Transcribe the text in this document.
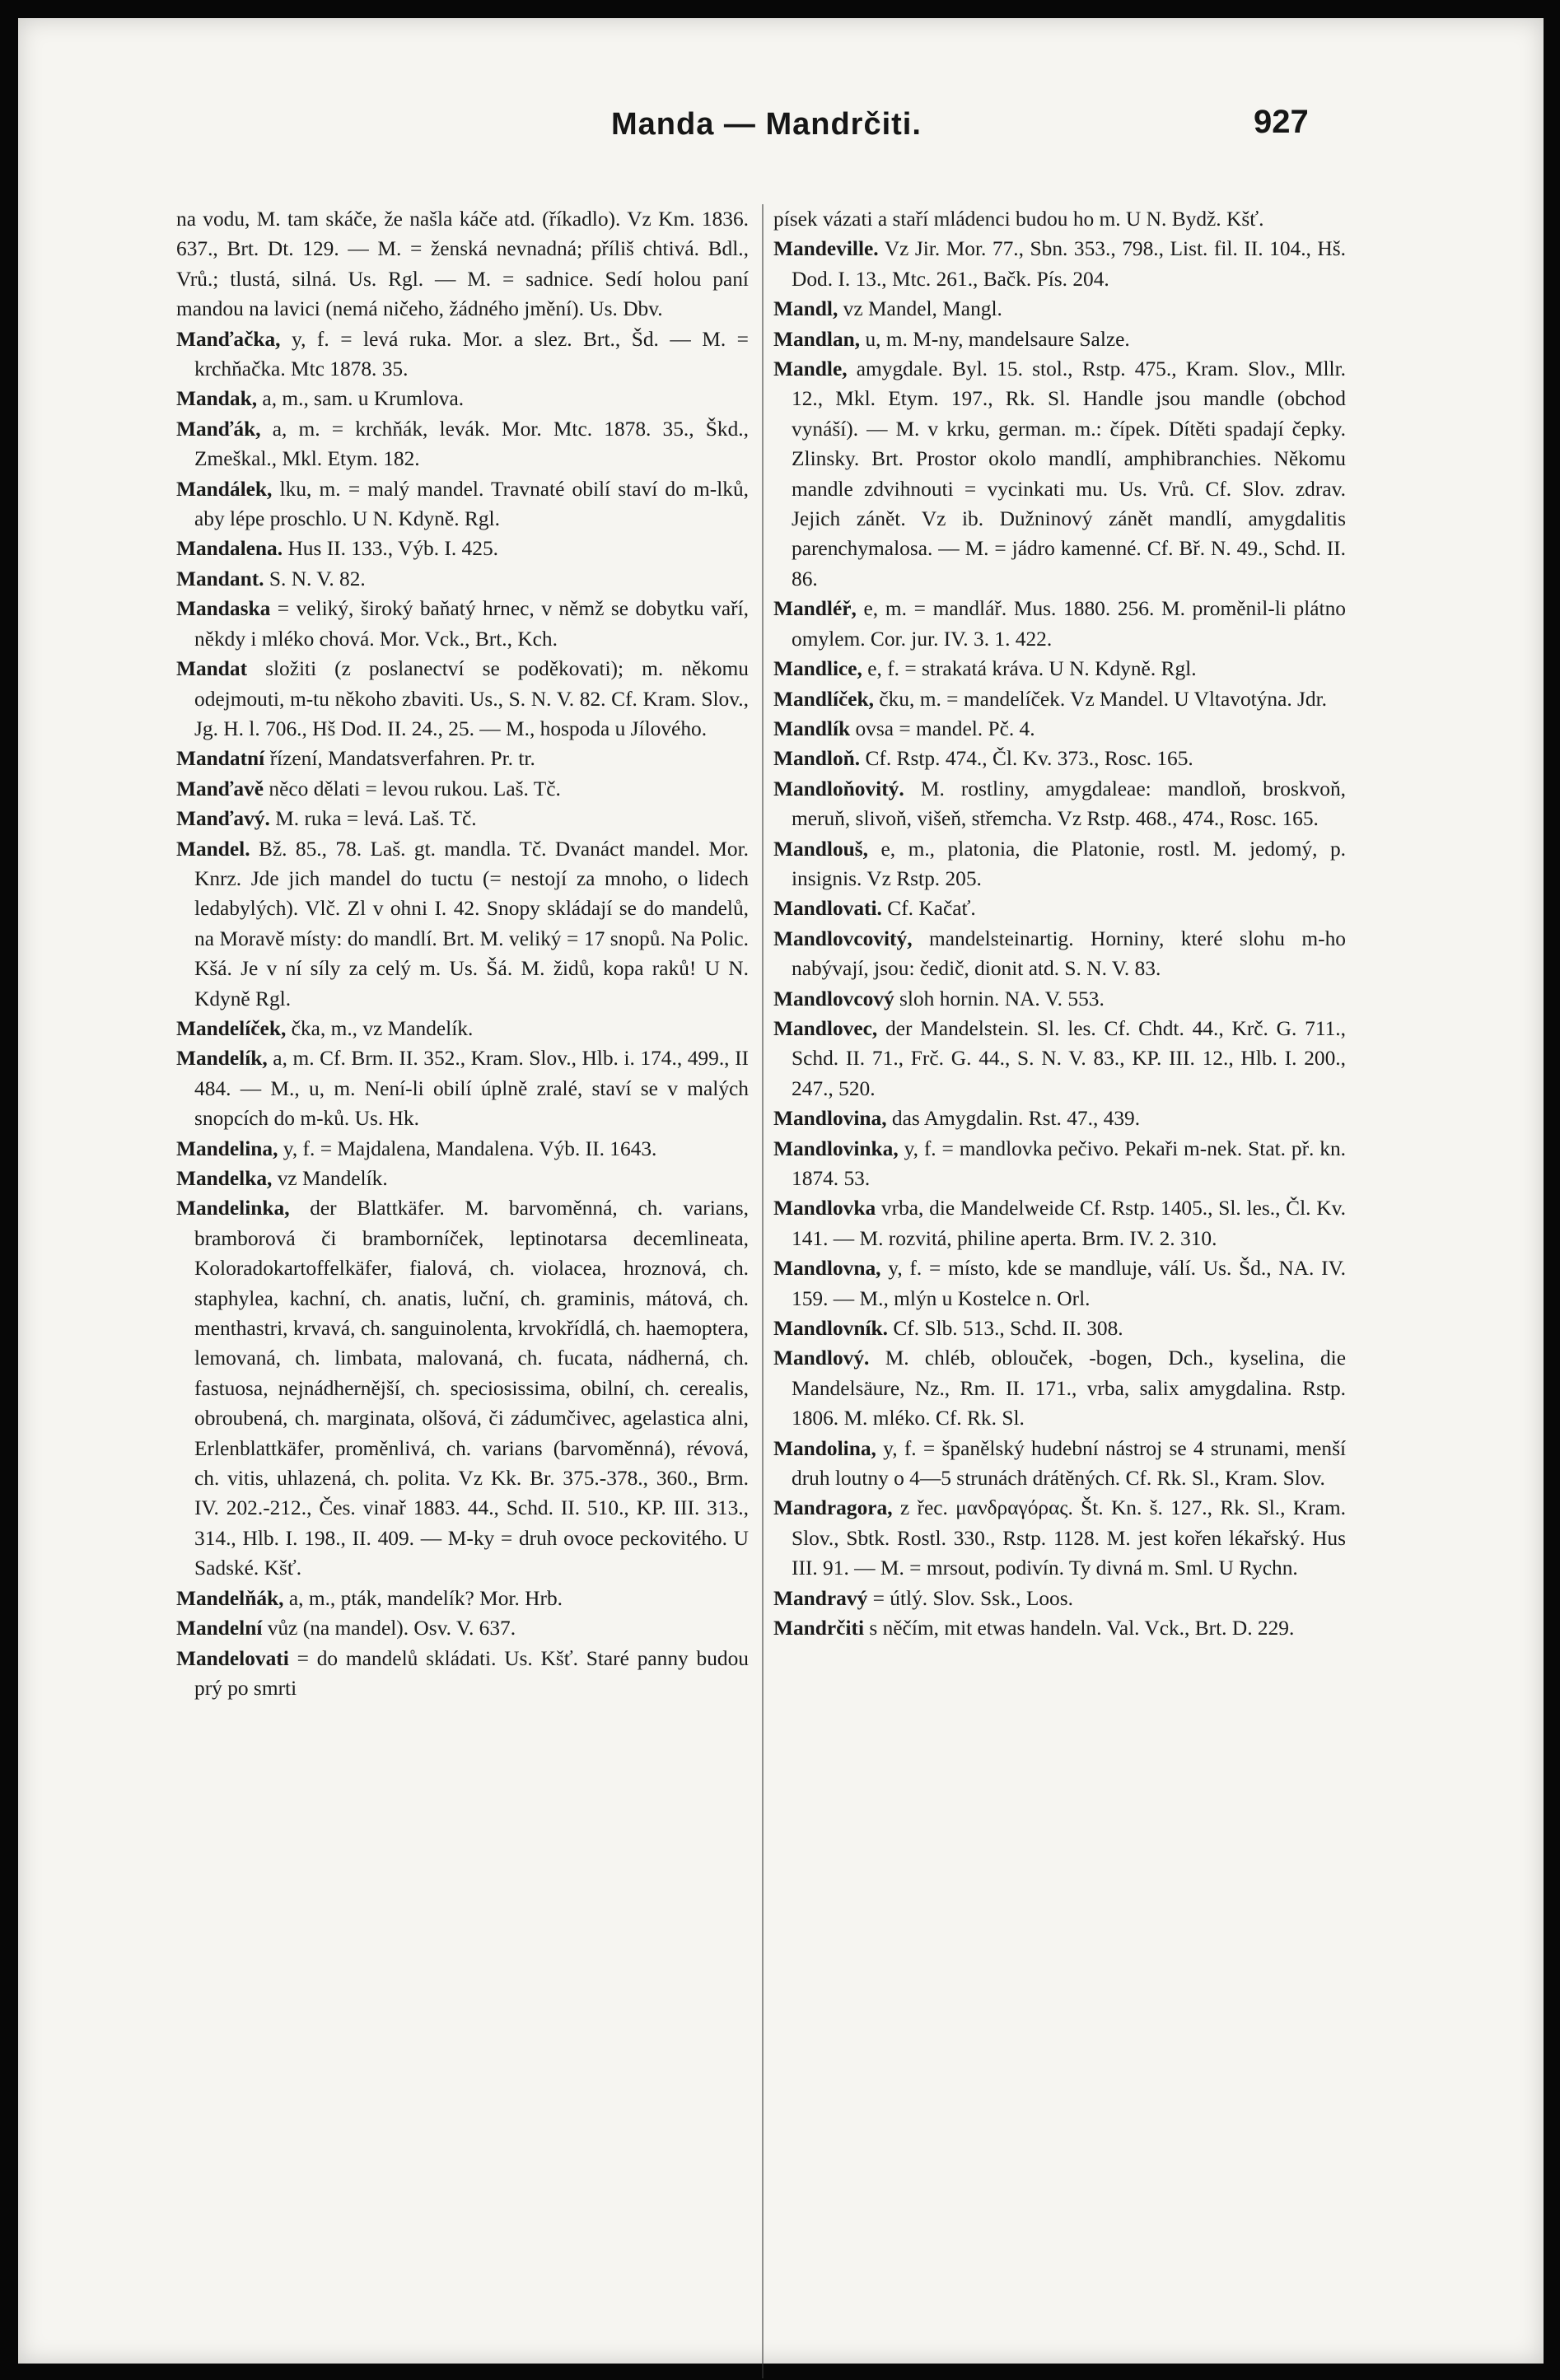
Manda — Mandrčiti.	927

na vodu, M. tam skáče, že našla káče atd. (říkadlo). Vz Km. 1836. 637., Brt. Dt. 129. — M. = ženská nevnadná; příliš chtivá. Bdl., Vrů.; tlustá, silná. Us. Rgl. — M. = sadnice. Sedí holou paní mandou na lavici (nemá ničeho, žádného jmění). Us. Dbv.

Manďačka, y, f. = levá ruka. Mor. a slez. Brt., Šd. — M. = krchňačka. Mtc 1878. 35.

Mandak, a, m., sam. u Krumlova.

Manďák, a, m. = krchňák, levák. Mor. Mtc. 1878. 35., Škd., Zmeškal., Mkl. Etym. 182.

Mandálek, lku, m. = malý mandel. Travnaté obilí staví do m-lků, aby lépe proschlo. U N. Kdyně. Rgl.

Mandalena. Hus II. 133., Výb. I. 425.

Mandant. S. N. V. 82.

Mandaska = veliký, široký baňatý hrnec, v němž se dobytku vaří, někdy i mléko chová. Mor. Vck., Brt., Kch.

Mandat složiti (z poslanectví se poděkovati); m. někomu odejmouti, m-tu někoho zbaviti. Us., S. N. V. 82. Cf. Kram. Slov., Jg. H. l. 706., Hš Dod. II. 24., 25. — M., hospoda u Jílového.

Mandatní řízení, Mandatsverfahren. Pr. tr.

Manďavě něco dělati = levou rukou. Laš. Tč.

Manďavý. M. ruka = levá. Laš. Tč.

Mandel. Bž. 85., 78. Laš. gt. mandla. Tč. Dvanáct mandel. Mor. Knrz. Jde jich mandel do tuctu (= nestojí za mnoho, o lidech ledabylých). Vlč. Zl v ohni I. 42. Snopy skládají se do mandelů, na Moravě místy: do mandlí. Brt. M. veliký = 17 snopů. Na Polic. Kšá. Je v ní síly za celý m. Us. Šá. M. židů, kopa raků! U N. Kdyně Rgl.

Mandelíček, čka, m., vz Mandelík.

Mandelík, a, m. Cf. Brm. II. 352., Kram. Slov., Hlb. i. 174., 499., II 484. — M., u, m. Není-li obilí úplně zralé, staví se v malých snopcích do m-ků. Us. Hk.

Mandelina, y, f. = Majdalena, Mandalena. Výb. II. 1643.

Mandelka, vz Mandelík.

Mandelinka, der Blattkäfer. M. barvoměnná, ch. varians, bramborová či bramborníček, leptinotarsa decemlineata, Koloradokartoffelkäfer, fialová, ch. violacea, hroznová, ch. staphylea, kachní, ch. anatis, luční, ch. graminis, mátová, ch. menthastri, krvavá, ch. sanguinolenta, krvokřídlá, ch. haemoptera, lemovaná, ch. limbata, malovaná, ch. fucata, nádherná, ch. fastuosa, nejnádhernější, ch. speciosissima, obilní, ch. cerealis, obroubená, ch. marginata, olšová, či zádumčivec, agelastica alni, Erlenblattkäfer, proměnlivá, ch. varians (barvoměnná), révová, ch. vitis, uhlazená, ch. polita. Vz Kk. Br. 375.-378., 360., Brm. IV. 202.-212., Čes. vinař 1883. 44., Schd. II. 510., KP. III. 313., 314., Hlb. I. 198., II. 409. — M-ky = druh ovoce peckovitého. U Sadské. Kšť.

Mandelňák, a, m., pták, mandelík? Mor. Hrb.

Mandelní vůz (na mandel). Osv. V. 637.

Mandelovati = do mandelů skládati. Us. Kšť. Staré panny budou prý po smrti

písek vázati a staří mládenci budou ho m. U N. Bydž. Kšť.

Mandeville. Vz Jir. Mor. 77., Sbn. 353., 798., List. fil. II. 104., Hš. Dod. I. 13., Mtc. 261., Bačk. Pís. 204.

Mandl, vz Mandel, Mangl.

Mandlan, u, m. M-ny, mandelsaure Salze.

Mandle, amygdale. Byl. 15. stol., Rstp. 475., Kram. Slov., Mllr. 12., Mkl. Etym. 197., Rk. Sl. Handle jsou mandle (obchod vynáší). — M. v krku, german. m.: čípek. Dítěti spadají čepky. Zlinsky. Brt. Prostor okolo mandlí, amphibranchies. Někomu mandle zdvihnouti = vycinkati mu. Us. Vrů. Cf. Slov. zdrav. Jejich zánět. Vz ib. Dužninový zánět mandlí, amygdalitis parenchymalosa. — M. = jádro kamenné. Cf. Bř. N. 49., Schd. II. 86.

Mandléř, e, m. = mandlář. Mus. 1880. 256. M. proměnil-li plátno omylem. Cor. jur. IV. 3. 1. 422.

Mandlice, e, f. = strakatá kráva. U N. Kdyně. Rgl.

Mandlíček, čku, m. = mandelíček. Vz Mandel. U Vltavotýna. Jdr.

Mandlík ovsa = mandel. Pč. 4.

Mandloň. Cf. Rstp. 474., Čl. Kv. 373., Rosc. 165.

Mandloňovitý. M. rostliny, amygdaleae: mandloň, broskvoň, meruň, slivoň, višeň, střemcha. Vz Rstp. 468., 474., Rosc. 165.

Mandlouš, e, m., platonia, die Platonie, rostl. M. jedomý, p. insignis. Vz Rstp. 205.

Mandlovati. Cf. Kačať.

Mandlovcovitý, mandelsteinartig. Horniny, které slohu m-ho nabývají, jsou: čedič, dionit atd. S. N. V. 83.

Mandlovcový sloh hornin. NA. V. 553.

Mandlovec, der Mandelstein. Sl. les. Cf. Chdt. 44., Krč. G. 711., Schd. II. 71., Frč. G. 44., S. N. V. 83., KP. III. 12., Hlb. I. 200., 247., 520.

Mandlovina, das Amygdalin. Rst. 47., 439.

Mandlovinka, y, f. = mandlovka pečivo. Pekaři m-nek. Stat. př. kn. 1874. 53.

Mandlovka vrba, die Mandelweide Cf. Rstp. 1405., Sl. les., Čl. Kv. 141. — M. rozvitá, philine aperta. Brm. IV. 2. 310.

Mandlovna, y, f. = místo, kde se mandluje, válí. Us. Šd., NA. IV. 159. — M., mlýn u Kostelce n. Orl.

Mandlovník. Cf. Slb. 513., Schd. II. 308.

Mandlový. M. chléb, oblouček, -bogen, Dch., kyselina, die Mandelsäure, Nz., Rm. II. 171., vrba, salix amygdalina. Rstp. 1806. M. mléko. Cf. Rk. Sl.

Mandolina, y, f. = španělský hudební nástroj se 4 strunami, menší druh loutny o 4—5 strunách drátěných. Cf. Rk. Sl., Kram. Slov.

Mandragora, z řec. μανδραγόρας. Št. Kn. š. 127., Rk. Sl., Kram. Slov., Sbtk. Rostl. 330., Rstp. 1128. M. jest kořen lékařský. Hus III. 91. — M. = mrsout, podivín. Ty divná m. Sml. U Rychn.

Mandravý = útlý. Slov. Ssk., Loos.

Mandrčiti s něčím, mit etwas handeln. Val. Vck., Brt. D. 229.
